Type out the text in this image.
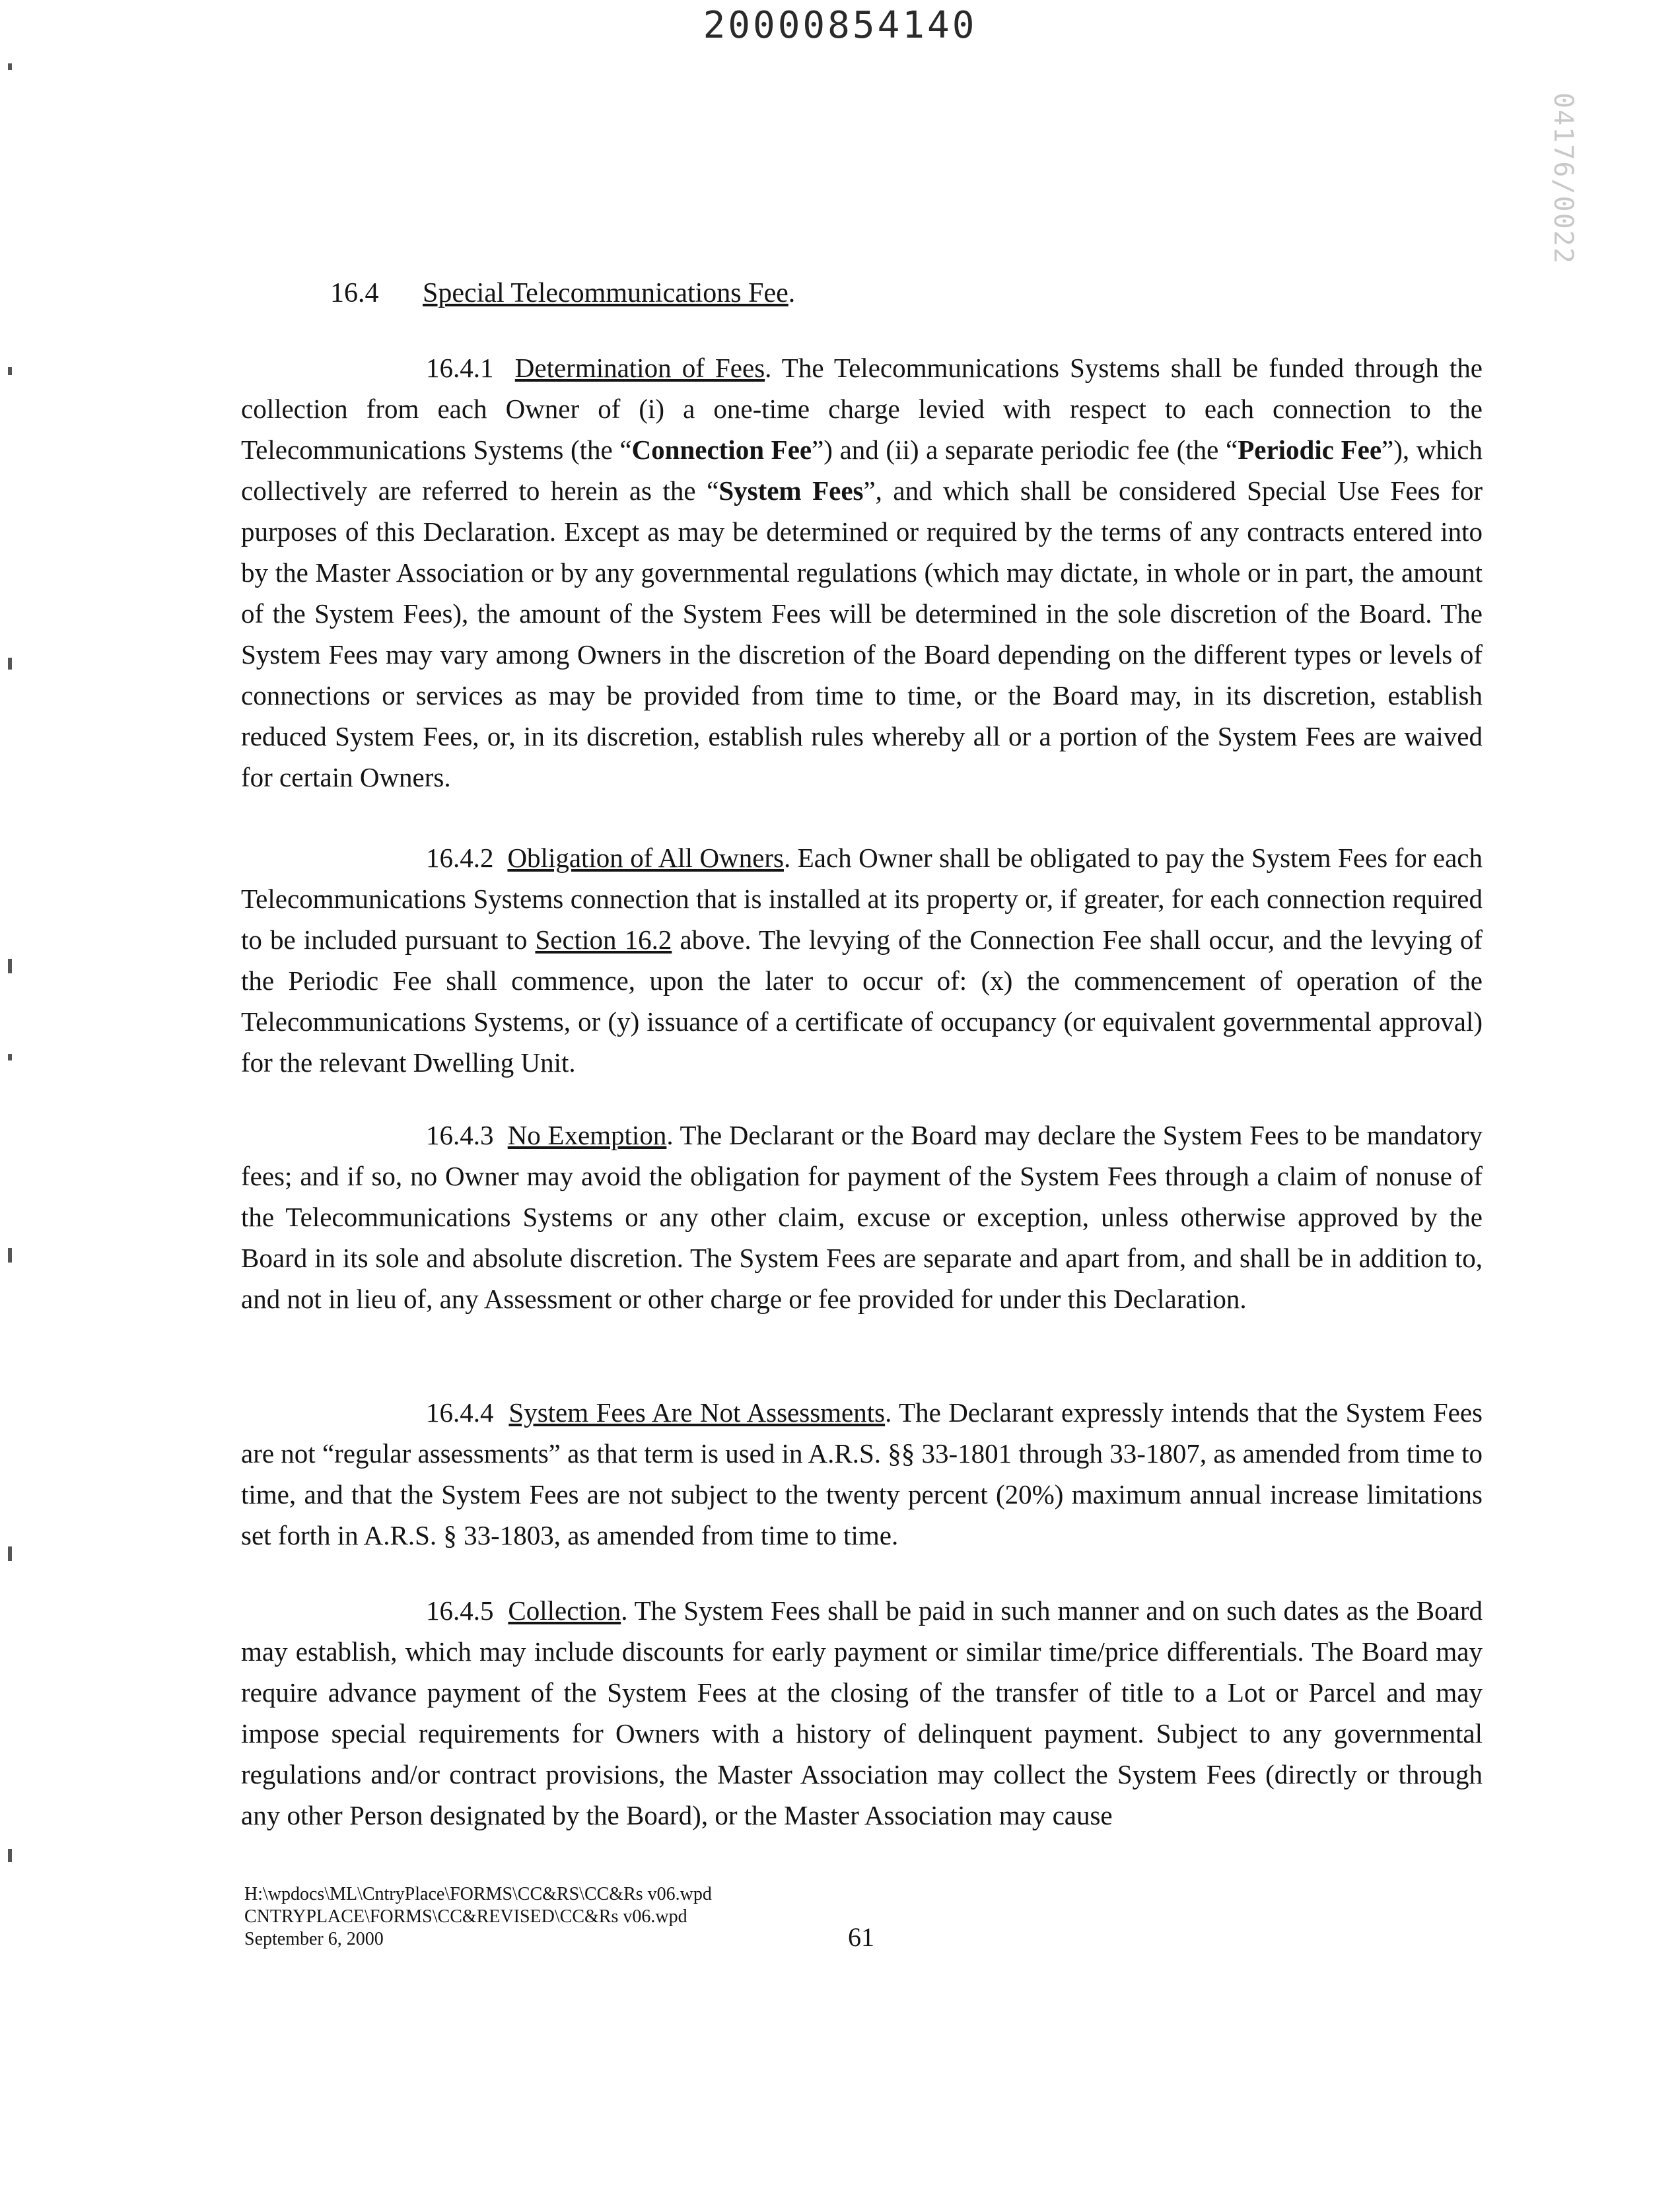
20000854140
04176/0022
16.4 Special Telecommunications Fee.
16.4.1 Determination of Fees. The Telecommunications Systems shall be funded through the collection from each Owner of (i) a one-time charge levied with respect to each connection to the Telecommunications Systems (the “Connection Fee”) and (ii) a separate periodic fee (the “Periodic Fee”), which collectively are referred to herein as the “System Fees”, and which shall be considered Special Use Fees for purposes of this Declaration. Except as may be determined or required by the terms of any contracts entered into by the Master Association or by any governmental regulations (which may dictate, in whole or in part, the amount of the System Fees), the amount of the System Fees will be determined in the sole discretion of the Board. The System Fees may vary among Owners in the discretion of the Board depending on the different types or levels of connections or services as may be provided from time to time, or the Board may, in its discretion, establish reduced System Fees, or, in its discretion, establish rules whereby all or a portion of the System Fees are waived for certain Owners.
16.4.2 Obligation of All Owners. Each Owner shall be obligated to pay the System Fees for each Telecommunications Systems connection that is installed at its property or, if greater, for each connection required to be included pursuant to Section 16.2 above. The levying of the Connection Fee shall occur, and the levying of the Periodic Fee shall commence, upon the later to occur of: (x) the commencement of operation of the Telecommunications Systems, or (y) issuance of a certificate of occupancy (or equivalent governmental approval) for the relevant Dwelling Unit.
16.4.3 No Exemption. The Declarant or the Board may declare the System Fees to be mandatory fees; and if so, no Owner may avoid the obligation for payment of the System Fees through a claim of nonuse of the Telecommunications Systems or any other claim, excuse or exception, unless otherwise approved by the Board in its sole and absolute discretion. The System Fees are separate and apart from, and shall be in addition to, and not in lieu of, any Assessment or other charge or fee provided for under this Declaration.
16.4.4 System Fees Are Not Assessments. The Declarant expressly intends that the System Fees are not “regular assessments” as that term is used in A.R.S. §§ 33-1801 through 33-1807, as amended from time to time, and that the System Fees are not subject to the twenty percent (20%) maximum annual increase limitations set forth in A.R.S. § 33-1803, as amended from time to time.
16.4.5 Collection. The System Fees shall be paid in such manner and on such dates as the Board may establish, which may include discounts for early payment or similar time/price differentials. The Board may require advance payment of the System Fees at the closing of the transfer of title to a Lot or Parcel and may impose special requirements for Owners with a history of delinquent payment. Subject to any governmental regulations and/or contract provisions, the Master Association may collect the System Fees (directly or through any other Person designated by the Board), or the Master Association may cause
H:\wpdocs\ML\CntryPlace\FORMS\CC&RS\CC&Rs v06.wpd
CNTRYPLACE\FORMS\CC&REVISED\CC&Rs v06.wpd
September 6, 2000	61
